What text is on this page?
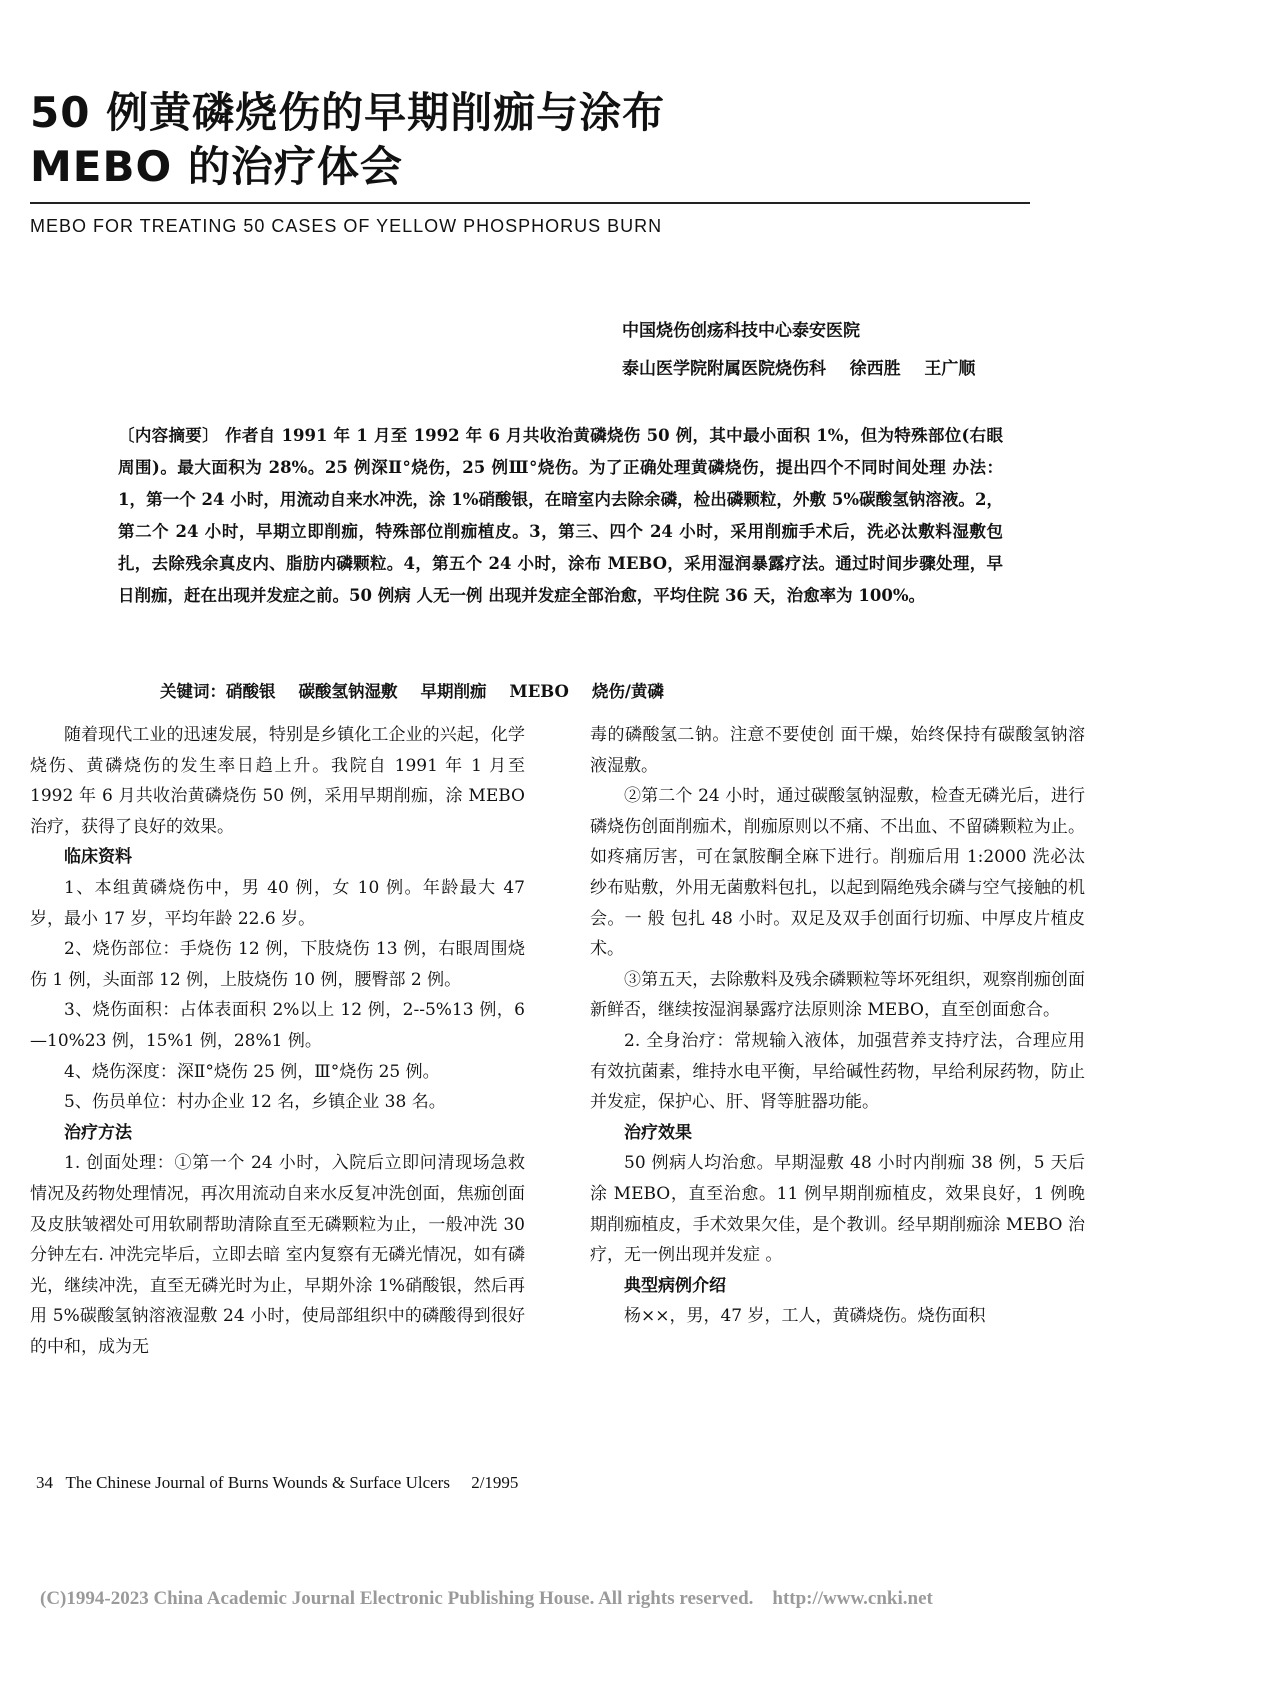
50 例黄磷烧伤的早期削痂与涂布
MEBO 的治疗体会
MEBO FOR TREATING 50 CASES OF YELLOW PHOSPHORUS BURN
中国烧伤创疡科技中心泰安医院
泰山医学院附属医院烧伤科    徐西胜    王广顺
〔内容摘要〕 作者自 1991 年 1 月至 1992 年 6 月共收治黄磷烧伤 50 例，其中最小面积 1%，但为特殊部位(右眼周围)。最大面积为 28%。25 例深Ⅱ°烧伤，25 例Ⅲ°烧伤。为了正确处理黄磷烧伤，提出四个不同时间处理 办法：1，第一个 24 小时，用流动自来水冲洗，涂 1%硝酸银，在暗室内去除余磷，检出磷颗粒，外敷 5%碳酸氢钠溶液。2，第二个 24 小时，早期立即削痂，特殊部位削痂植皮。3，第三、四个 24 小时，采用削痂手术后，洗必汰敷料湿敷包扎，去除残余真皮内、脂肪内磷颗粒。4，第五个 24 小时，涂布 MEBO，采用湿润暴露疗法。通过时间步骤处理，早日削痂，赶在出现并发症之前。50 例病 人无一例 出现并发症全部治愈，平均住院 36 天，治愈率为 100%。
关键词：硝酸银    碳酸氢钠湿敷    早期削痂    MEBO    烧伤/黄磷

随着现代工业的迅速发展，特别是乡镇化工企业的兴起，化学烧伤、黄磷烧伤的发生率日趋上升。我院自 1991 年 1 月至 1992 年 6 月共收治黄磷烧伤 50 例，采用早期削痂，涂 MEBO 治疗，获得了良好的效果。

临床资料

1、本组黄磷烧伤中，男 40 例，女 10 例。年龄最大 47 岁，最小 17 岁，平均年龄 22.6 岁。

2、烧伤部位：手烧伤 12 例，下肢烧伤 13 例，右眼周围烧伤 1 例，头面部 12 例，上肢烧伤 10 例，腰臀部 2 例。

3、烧伤面积：占体表面积 2%以上 12 例，2--5%13 例，6—10%23 例，15%1 例，28%1 例。

4、烧伤深度：深Ⅱ°烧伤 25 例，Ⅲ°烧伤 25 例。

5、伤员单位：村办企业 12 名，乡镇企业 38 名。

治疗方法

1. 创面处理：①第一个 24 小时，入院后立即问清现场急救情况及药物处理情况，再次用流动自来水反复冲洗创面，焦痂创面及皮肤皱褶处可用软刷帮助清除直至无磷颗粒为止，一般冲洗 30 分钟左右. 冲洗完毕后，立即去暗 室内复察有无磷光情况，如有磷光，继续冲洗，直至无磷光时为止，早期外涂 1%硝酸银，然后再用 5%碳酸氢钠溶液湿敷 24 小时，使局部组织中的磷酸得到很好的中和，成为无

毒的磷酸氢二钠。注意不要使创 面干燥，始终保持有碳酸氢钠溶液湿敷。

②第二个 24 小时，通过碳酸氢钠湿敷，检查无磷光后，进行磷烧伤创面削痂术，削痂原则以不痛、不出血、不留磷颗粒为止。如疼痛厉害，可在氯胺酮全麻下进行。削痂后用 1:2000 洗必汰纱布贴敷，外用无菌敷料包扎，以起到隔绝残余磷与空气接触的机会。一 般 包扎 48 小时。双足及双手创面行切痂、中厚皮片植皮术。

③第五天，去除敷料及残余磷颗粒等坏死组织，观察削痂创面新鲜否，继续按湿润暴露疗法原则涂 MEBO，直至创面愈合。

2. 全身治疗：常规输入液体，加强营养支持疗法，合理应用有效抗菌素，维持水电平衡，早给碱性药物，早给利尿药物，防止并发症，保护心、肝、肾等脏器功能。

治疗效果

50 例病人均治愈。早期湿敷 48 小时内削痂 38 例，5 天后涂 MEBO，直至治愈。11 例早期削痂植皮，效果良好，1 例晚期削痂植皮，手术效果欠佳，是个教训。经早期削痂涂 MEBO 治疗，无一例出现并发症 。

典型病例介绍

杨××，男，47 岁，工人，黄磷烧伤。烧伤面积

34   The Chinese Journal of Burns Wounds & Surface Ulcers     2/1995
(C)1994-2023 China Academic Journal Electronic Publishing House. All rights reserved.    http://www.cnki.net
